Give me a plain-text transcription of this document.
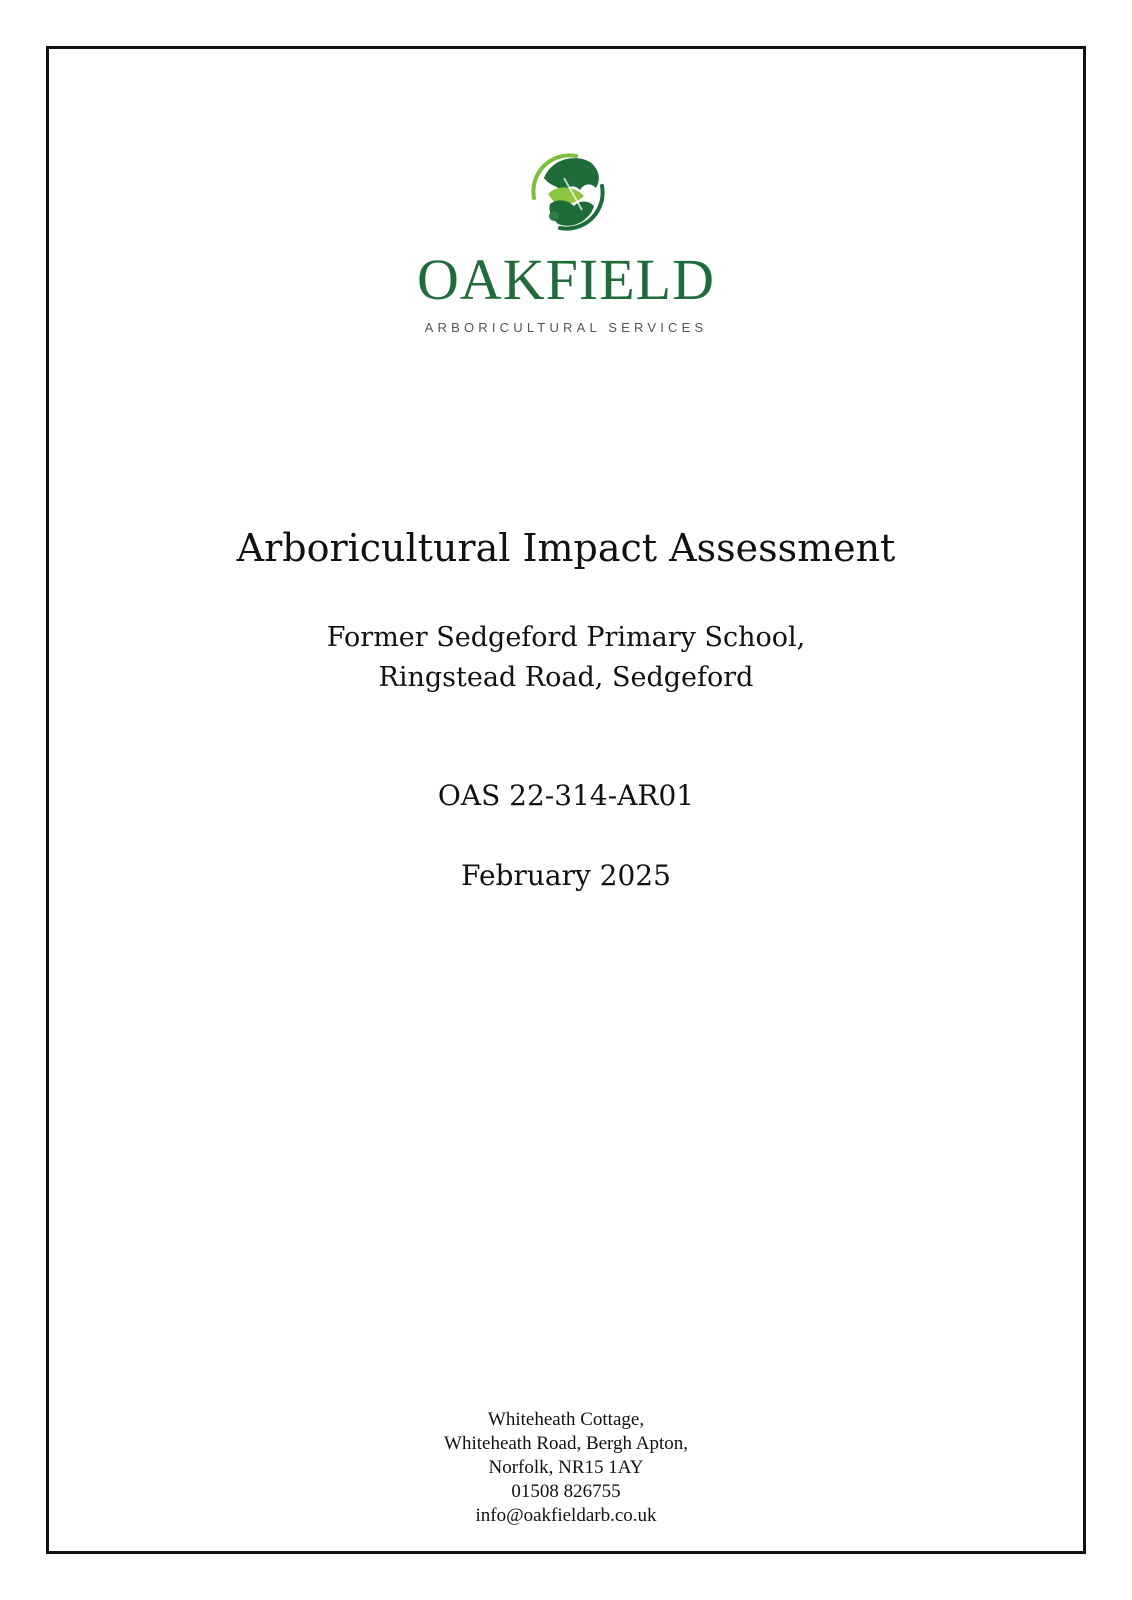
OAKFIELD
ARBORICULTURAL SERVICES
Arboricultural Impact Assessment
Former Sedgeford Primary School,
Ringstead Road, Sedgeford
OAS 22-314-AR01
February 2025
Whiteheath Cottage,
Whiteheath Road, Bergh Apton,
Norfolk, NR15 1AY
01508 826755
info@oakfieldarb.co.uk
